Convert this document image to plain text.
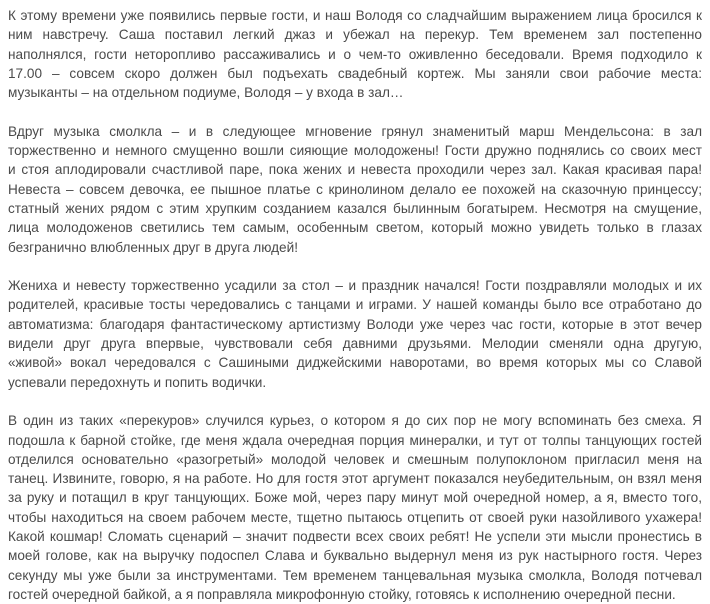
К этому времени уже появились первые гости, и наш Володя со сладчайшим выражением лица бросился к
ним навстречу. Саша поставил легкий джаз и убежал на перекур. Тем временем зал постепенно
наполнялся, гости неторопливо рассаживались и о чем-то оживленно беседовали. Время подходило к
17.00 – совсем скоро должен был подъехать свадебный кортеж. Мы заняли свои рабочие места:
музыканты – на отдельном подиуме, Володя – у входа в зал…
Вдруг музыка смолкла – и в следующее мгновение грянул знаменитый марш Мендельсона: в зал
торжественно и немного смущенно вошли сияющие молодожены! Гости дружно поднялись со своих мест
и стоя аплодировали счастливой паре, пока жених и невеста проходили через зал. Какая красивая пара!
Невеста – совсем девочка, ее пышное платье с кринолином делало ее похожей на сказочную принцессу;
статный жених рядом с этим хрупким созданием казался былинным богатырем. Несмотря на смущение,
лица молодоженов светились тем самым, особенным светом, который можно увидеть только в глазах
безгранично влюбленных друг в друга людей!
Жениха и невесту торжественно усадили за стол – и праздник начался! Гости поздравляли молодых и их
родителей, красивые тосты чередовались с танцами и играми. У нашей команды было все отработано до
автоматизма: благодаря фантастическому артистизму Володи уже через час гости, которые в этот вечер
видели друг друга впервые, чувствовали себя давними друзьями. Мелодии сменяли одна другую,
«живой» вокал чередовался с Сашиными диджейскими наворотами, во время которых мы со Славой
успевали передохнуть и попить водички.
В один из таких «перекуров» случился курьез, о котором я до сих пор не могу вспоминать без смеха. Я
подошла к барной стойке, где меня ждала очередная порция минералки, и тут от толпы танцующих гостей
отделился основательно «разогретый» молодой человек и смешным полупоклоном пригласил меня на
танец. Извините, говорю, я на работе. Но для гостя этот аргумент показался неубедительным, он взял меня
за руку и потащил в круг танцующих. Боже мой, через пару минут мой очередной номер, а я, вместо того,
чтобы находиться на своем рабочем месте, тщетно пытаюсь отцепить от своей руки назойливого ухажера!
Какой кошмар! Сломать сценарий – значит подвести всех своих ребят! Не успели эти мысли пронестись в
моей голове, как на выручку подоспел Слава и буквально выдернул меня из рук настырного гостя. Через
секунду мы уже были за инструментами. Тем временем танцевальная музыка смолкла, Володя потчевал
гостей очередной байкой, а я поправляла микрофонную стойку, готовясь к исполнению очередной песни.
